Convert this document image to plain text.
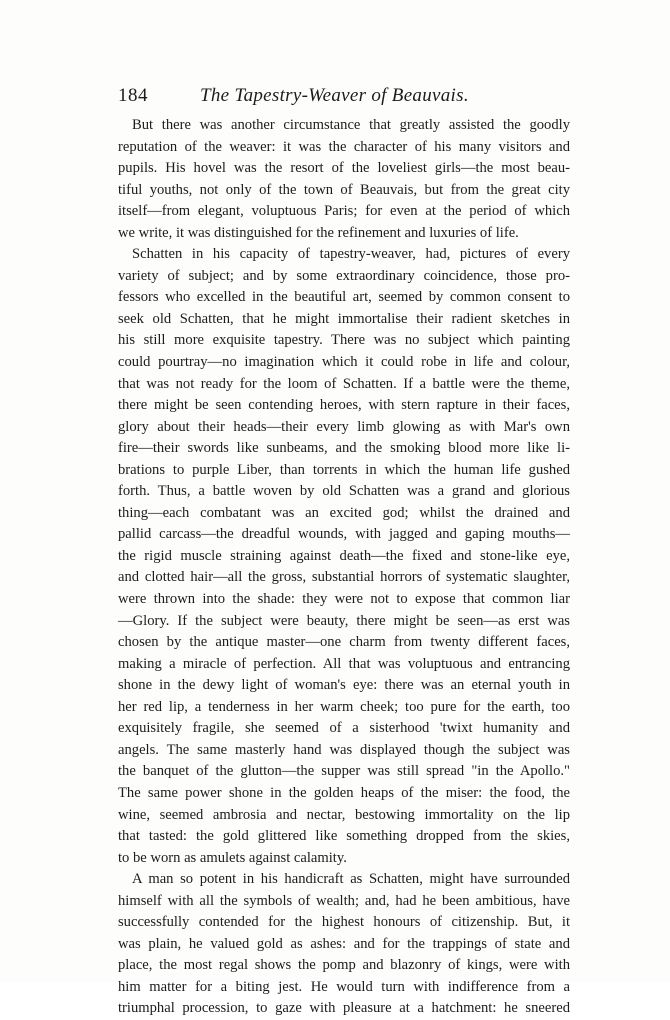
184	The Tapestry-Weaver of Beauvais.
But there was another circumstance that greatly assisted the goodly
reputation of the weaver: it was the character of his many visitors and
pupils. His hovel was the resort of the loveliest girls—the most beau-
tiful youths, not only of the town of Beauvais, but from the great city
itself—from elegant, voluptuous Paris; for even at the period of which
we write, it was distinguished for the refinement and luxuries of life.
Schatten in his capacity of tapestry-weaver, had, pictures of every
variety of subject; and by some extraordinary coincidence, those pro-
fessors who excelled in the beautiful art, seemed by common consent to
seek old Schatten, that he might immortalise their radient sketches in
his still more exquisite tapestry. There was no subject which painting
could pourtray—no imagination which it could robe in life and colour,
that was not ready for the loom of Schatten. If a battle were the theme,
there might be seen contending heroes, with stern rapture in their faces,
glory about their heads—their every limb glowing as with Mar's own
fire—their swords like sunbeams, and the smoking blood more like li-
brations to purple Liber, than torrents in which the human life gushed
forth. Thus, a battle woven by old Schatten was a grand and glorious
thing—each combatant was an excited god; whilst the drained and
pallid carcass—the dreadful wounds, with jagged and gaping mouths—
the rigid muscle straining against death—the fixed and stone-like eye,
and clotted hair—all the gross, substantial horrors of systematic slaughter,
were thrown into the shade: they were not to expose that common liar
—Glory. If the subject were beauty, there might be seen—as erst was
chosen by the antique master—one charm from twenty different faces,
making a miracle of perfection. All that was voluptuous and entrancing
shone in the dewy light of woman's eye: there was an eternal youth in
her red lip, a tenderness in her warm cheek; too pure for the earth, too
exquisitely fragile, she seemed of a sisterhood 'twixt humanity and
angels. The same masterly hand was displayed though the subject was
the banquet of the glutton—the supper was still spread "in the Apollo."
The same power shone in the golden heaps of the miser: the food, the
wine, seemed ambrosia and nectar, bestowing immortality on the lip
that tasted: the gold glittered like something dropped from the skies,
to be worn as amulets against calamity.
A man so potent in his handicraft as Schatten, might have surrounded
himself with all the symbols of wealth; and, had he been ambitious, have
successfully contended for the highest honours of citizenship. But, it
was plain, he valued gold as ashes: and for the trappings of state and
place, the most regal shows the pomp and blazonry of kings, were with
him matter for a biting jest. He would turn with indifference from a
triumphal procession, to gaze with pleasure at a hatchment: he sneered
